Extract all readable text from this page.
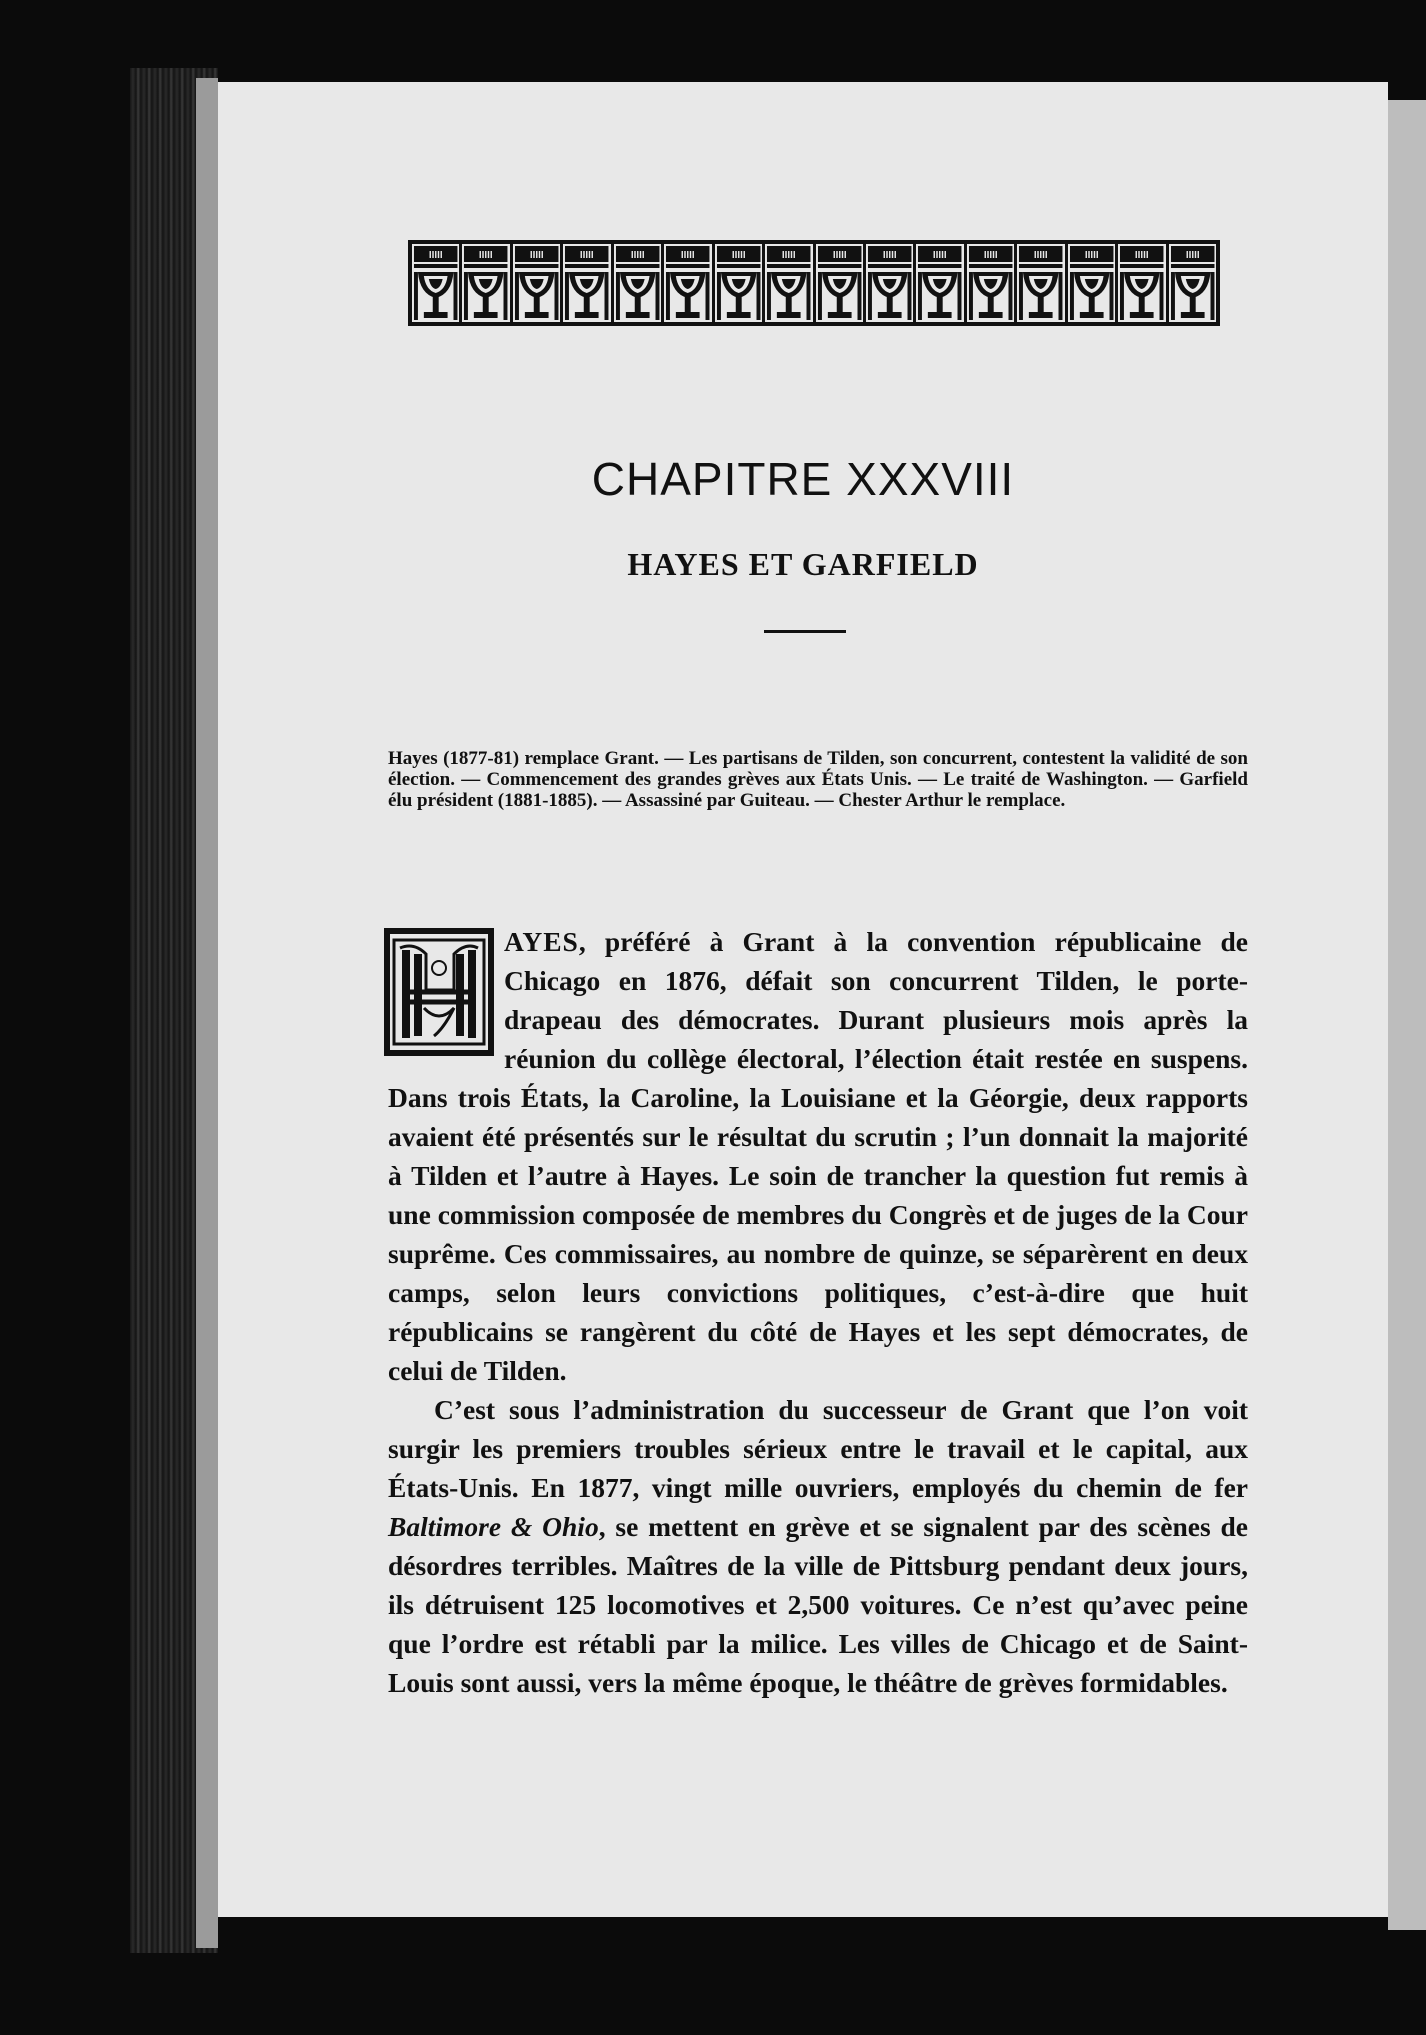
IIIII	IIIII	IIIII	IIIII	IIIII	IIIII	IIIII	IIIII	IIIII	IIIII	IIIII	IIIII	IIIII	IIIII	IIIII	IIIII
CHAPITRE XXXVIII
HAYES ET GARFIELD

Hayes (1877-81) remplace Grant. — Les partisans de Tilden, son concurrent, contestent la validité de son élection. — Commencement des grandes grèves aux États Unis. — Le traité de Washington. — Garfield élu président (1881-1885). — Assassiné par Guiteau. — Chester Arthur le remplace.

AYES, préféré à Grant à la convention républicaine de Chicago en 1876, défait son concurrent Tilden, le porte-drapeau des démocrates. Durant plusieurs mois après la réunion du collège électoral, l’élection était restée en suspens. Dans trois États, la Caroline, la Louisiane et la Géorgie, deux rapports avaient été présentés sur le résultat du scrutin ; l’un donnait la majorité à Tilden et l’autre à Hayes. Le soin de trancher la question fut remis à une commission composée de membres du Congrès et de juges de la Cour suprême. Ces commissaires, au nombre de quinze, se séparèrent en deux camps, selon leurs convictions politiques, c’est-à-dire que huit républicains se rangèrent du côté de Hayes et les sept démocrates, de celui de Tilden.

C’est sous l’administration du successeur de Grant que l’on voit surgir les premiers troubles sérieux entre le travail et le capital, aux États-Unis. En 1877, vingt mille ouvriers, employés du chemin de fer Baltimore & Ohio, se mettent en grève et se signalent par des scènes de désordres terribles. Maîtres de la ville de Pittsburg pendant deux jours, ils détruisent 125 locomotives et 2,500 voitures. Ce n’est qu’avec peine que l’ordre est rétabli par la milice. Les villes de Chicago et de Saint-Louis sont aussi, vers la même époque, le théâtre de grèves formidables.
